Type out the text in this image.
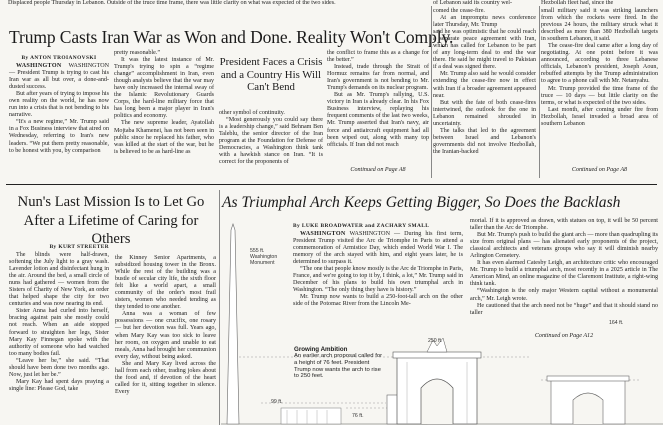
Displaced people Thursday in Lebanon. Outside of the truce time frame, there was little clarity on what was expected of the two sides.	of Lebanon said its country wel-	Hezbollah fleet had, since the
Trump Casts Iran War as Won and Done. Reality Won't Comply.
By ANTON TROIANOVSKI

WASHINGTON WASHINGTON — President Trump is trying to cast his Iran war as all but over, a done-and-dusted success.

But after years of trying to impose his own reality on the world, he has now run into a crisis that is not bending to his narrative.

“It's a new regime,” Mr. Trump said in a Fox Business interview that aired on Wednesday, referring to Iran's new leaders. “We put them pretty reasonable, to be honest with you, by comparison

pretty reasonable.”

It was the latest instance of Mr. Trump's trying to spin a “regime change” accomplishment in Iran, even though analysts believe that the war may have only increased the internal sway of the Islamic Revolutionary Guards Corps, the hard-line military force that has long been a major player in Iran's politics and economy.

The new supreme leader, Ayatollah Mojtaba Khamenei, has not been seen in public since he replaced his father, who was killed at the start of the war, but he is believed to be as hard-line as

President Faces a Crisis and a Country His Will Can't Bend

other symbol of continuity.

“Most generously you could say there is a leadership change,” said Behnam Ben Taleblu, the senior director of the Iran program at the Foundation for Defense of Democracies, a Washington think tank with a hawkish stance on Iran. “It is correct for the proponents of

the conflict to frame this as a change for the better.”

Instead, trade through the Strait of Hormuz remains far from normal, and Iran's government is not bending to Mr. Trump's demands on its nuclear program.

But as Mr. Trump's rallying, U.S. victory in Iran is already clear. In his Fox Business interview, replaying his frequent comments of the last two weeks, Mr. Trump asserted that Iran's navy, air force and antiaircraft equipment had all been wiped out, along with many top officials. If Iran did not reach

Continued on Page A8

comed the cease-fire.

At an impromptu news conference later Thursday, Mr. Trump

said he was optimistic that he could reach a separate peace agreement with Iran, which has called for Lebanon to be part of any long-term deal to end the war there. He said he might travel to Pakistan if a deal was signed there.

Mr. Trump also said he would consider extending the cease-fire now in effect with Iran if a broader agreement appeared near.

But with the fate of both cease-fires intertwined, the outlook for the one in Lebanon remained shrouded in uncertainty.

The talks that led to the agreement between Israel and Lebanon's governments did not involve Hezbollah, the Iranian-backed

small military said it was striking launchers from which the rockets were fired. In the previous 24 hours, the military struck what it described as more than 380 Hezbollah targets in southern Lebanon, it said.

The cease-fire deal came after a long day of negotiating. At one point before it was announced, according to three Lebanese officials, Lebanon's president, Joseph Aoun, rebuffed attempts by the Trump administration to agree to a phone call with Mr. Netanyahu.

Mr. Trump provided the time frame of the truce — 10 days — but little clarity on the terms, or what is expected of the two sides.

Last month, after coming under fire from Hezbollah, Israel invaded a broad area of southern Lebanon

Continued on Page A8
Nun's Last Mission Is to Let Go After a Lifetime of Caring for Others
By KURT STREETER

The blinds were half-drawn, softening the July light to a gray wash. Lavender lotion and disinfectant hung in the air. Around the bed, a small circle of nuns had gathered — women from the Sisters of Charity of New York, an order that helped shape the city for two centuries and was now nearing its end.

Sister Anna had curled into herself, bracing against pain she mostly could not reach. When an aide stopped forward to straighten her legs, Sister Mary Kay Finnegan spoke with the authority of someone who had watched too many bodies fail.

“Leave her be,” she said. “That should have been done two months ago. Now, just let her be.”

Mary Kay had spent days praying a single line: Please God, take

the Kinney Senior Apartments, a subsidized housing tower in the Bronx. While the rest of the building was a bustle of secular city life, the sixth floor felt like a world apart, a small community of the order's most frail sisters, women who needed tending as they tended to one another.

Anna was a woman of few possessions — one crucifix, one rosary — but her devotion was full. Years ago, when Mary Kay was too sick to leave her room, on oxygen and unable to eat meals, Anna had brought her communion every day, without being asked.

She and Mary Kay lived across the hall from each other, trading jokes about the food and, if devotion of the heart called for it, sitting together in silence. Every

As Triumphal Arch Keeps Getting Bigger, So Does the Backlash
By LUKE BROADWATER and ZACHARY SMALL

WASHINGTON WASHINGTON — During his first term, President Trump visited the Arc de Triomphe in Paris to attend a commemoration of Armistice Day, which ended World War I. The memory of the arch stayed with him, and eight years later, he is determined to surpass it.

“The one that people know mostly is the Arc de Triomphe in Paris, France, and we're going to top it by, I think, a lot,” Mr. Trump said in December of his plans to build his own triumphal arch in Washington. “The only thing they have is history.”

Mr. Trump now wants to build a 250-foot-tall arch on the other side of the Potomac River from the Lincoln Me-

morial. If it is approved as drawn, with statues on top, it will be 50 percent taller than the Arc de Triomphe.

But Mr. Trump's push to build the giant arch — more than quadrupling its size from original plans — has alienated early proponents of the project, classical architects and veterans groups who say it will diminish nearby Arlington Cemetery.

It has even alarmed Catesby Leigh, an architecture critic who encouraged Mr. Trump to build a triumphal arch, most recently in a 2025 article in The American Mind, an online magazine of the Claremont Institute, a right-wing think tank.

“Washington is the only major Western capital without a monumental arch,” Mr. Leigh wrote.

He cautioned that the arch need not be “huge” and that it should stand no taller

Continued on Page A12
555 ft.
Washington
Monument
250 ft.
99 ft.
76 ft.
164 ft.
Growing Ambition
An earlier arch proposal called for a height of 76 feet. President Trump now wants the arch to rise to 250 feet.
